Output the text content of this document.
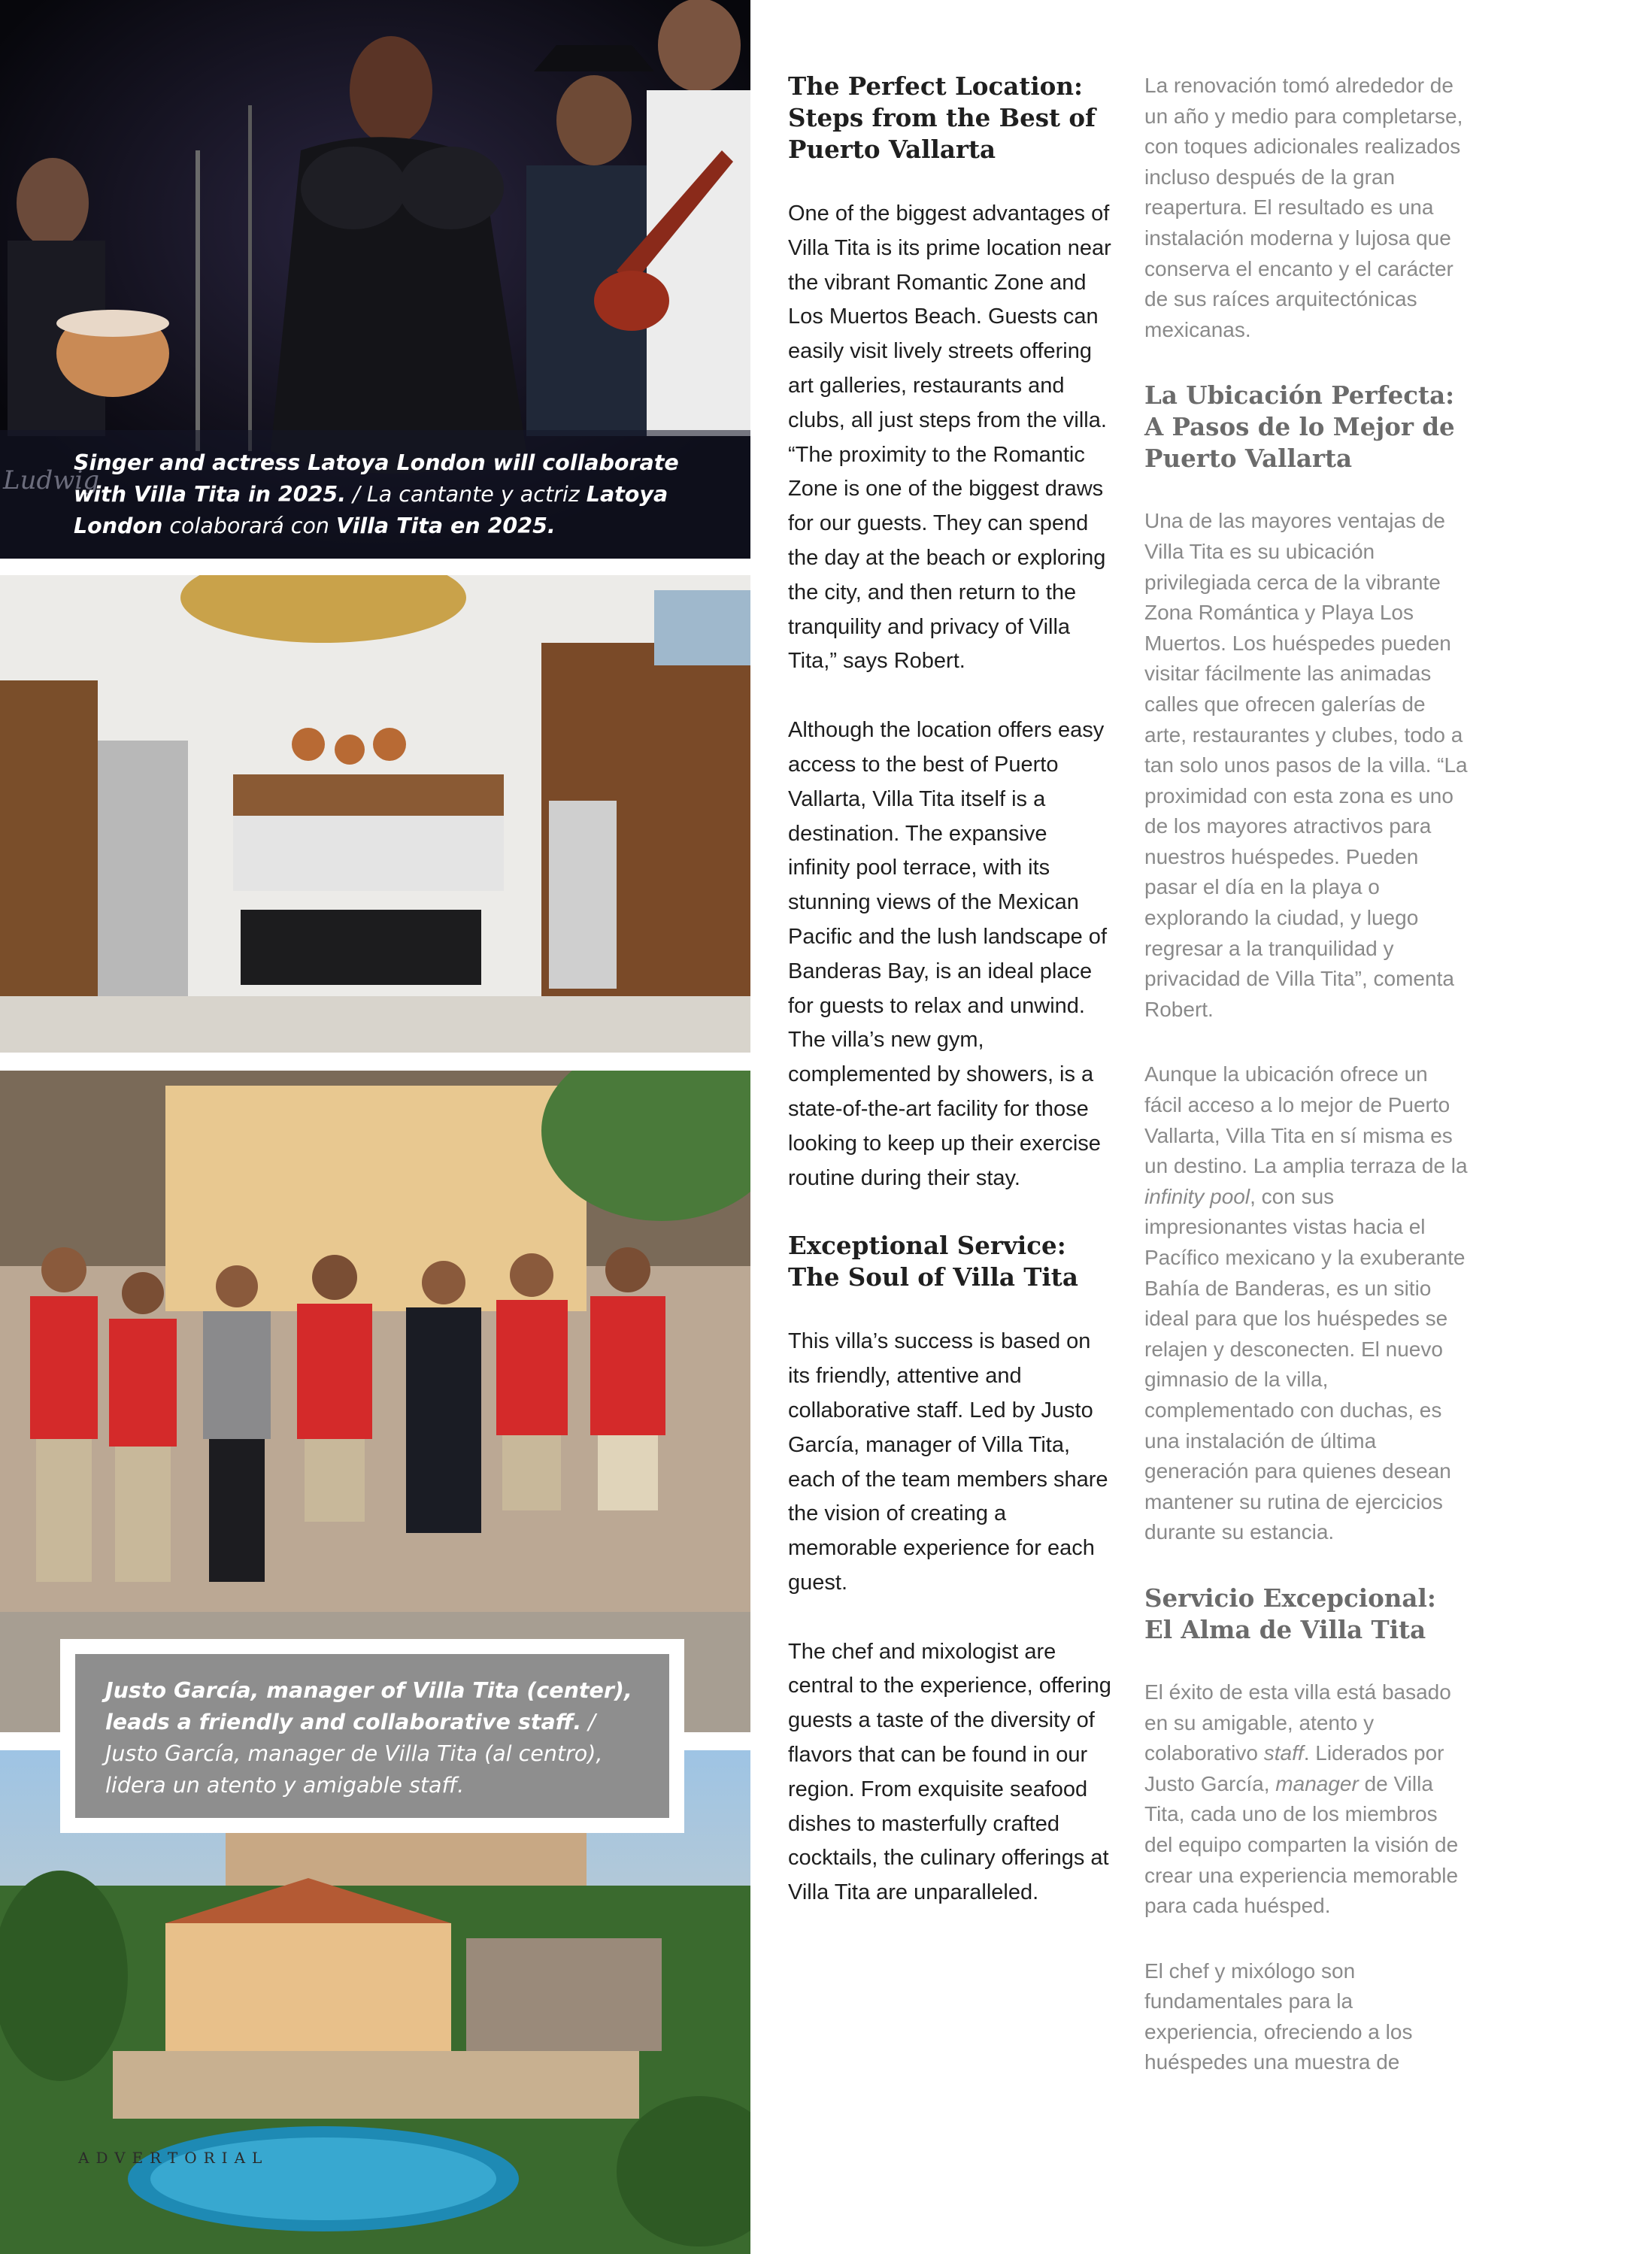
Singer and actress Latoya London will collaborate with Villa Tita in 2025. / La cantante y actriz Latoya London colaborará con Villa Tita en 2025.
Justo García, manager of Villa Tita (center), leads a friendly and collaborative staff. / Justo García, manager de Villa Tita (al centro), lidera un atento y amigable staff.
ADVERTORIAL
The Perfect Location: Steps from the Best of Puerto Vallarta

One of the biggest advantages of Villa Tita is its prime location near the vibrant Romantic Zone and Los Muertos Beach. Guests can easily visit lively streets offering art galleries, restaurants and clubs, all just steps from the villa. “The proximity to the Romantic Zone is one of the biggest draws for our guests. They can spend the day at the beach or exploring the city, and then return to the tranquility and privacy of Villa Tita,” says Robert.

Although the location offers easy access to the best of Puerto Vallarta, Villa Tita itself is a destination. The expansive infinity pool terrace, with its stunning views of the Mexican Pacific and the lush landscape of Banderas Bay, is an ideal place for guests to relax and unwind. The villa’s new gym, complemented by showers, is a state-of-the-art facility for those looking to keep up their exercise routine during their stay.

Exceptional Service: The Soul of Villa Tita

This villa’s success is based on its friendly, attentive and collaborative staff. Led by Justo García, manager of Villa Tita, each of the team members share the vision of creating a memorable experience for each guest.

The chef and mixologist are central to the experience, offering guests a taste of the diversity of flavors that can be found in our region. From exquisite seafood dishes to masterfully crafted cocktails, the culinary offerings at Villa Tita are unparalleled.

La renovación tomó alrededor de un año y medio para completarse, con toques adicionales realizados incluso después de la gran reapertura. El resultado es una instalación moderna y lujosa que conserva el encanto y el carácter de sus raíces arquitectónicas mexicanas.

La Ubicación Perfecta: A Pasos de lo Mejor de Puerto Vallarta

Una de las mayores ventajas de Villa Tita es su ubicación privilegiada cerca de la vibrante Zona Romántica y Playa Los Muertos. Los huéspedes pueden visitar fácilmente las animadas calles que ofrecen galerías de arte, restaurantes y clubes, todo a tan solo unos pasos de la villa. “La proximidad con esta zona es uno de los mayores atractivos para nuestros huéspedes. Pueden pasar el día en la playa o explorando la ciudad, y luego regresar a la tranquilidad y privacidad de Villa Tita”, comenta Robert.

Aunque la ubicación ofrece un fácil acceso a lo mejor de Puerto Vallarta, Villa Tita en sí misma es un destino. La amplia terraza de la infinity pool, con sus impresionantes vistas hacia el Pacífico mexicano y la exuberante Bahía de Banderas, es un sitio ideal para que los huéspedes se relajen y desconecten. El nuevo gimnasio de la villa, complementado con duchas, es una instalación de última generación para quienes desean mantener su rutina de ejercicios durante su estancia.

Servicio Excepcional: El Alma de Villa Tita

El éxito de esta villa está basado en su amigable, atento y colaborativo staff. Liderados por Justo García, manager de Villa Tita, cada uno de los miembros del equipo comparten la visión de crear una experiencia memorable para cada huésped.

El chef y mixólogo son fundamentales para la experiencia, ofreciendo a los huéspedes una muestra de
